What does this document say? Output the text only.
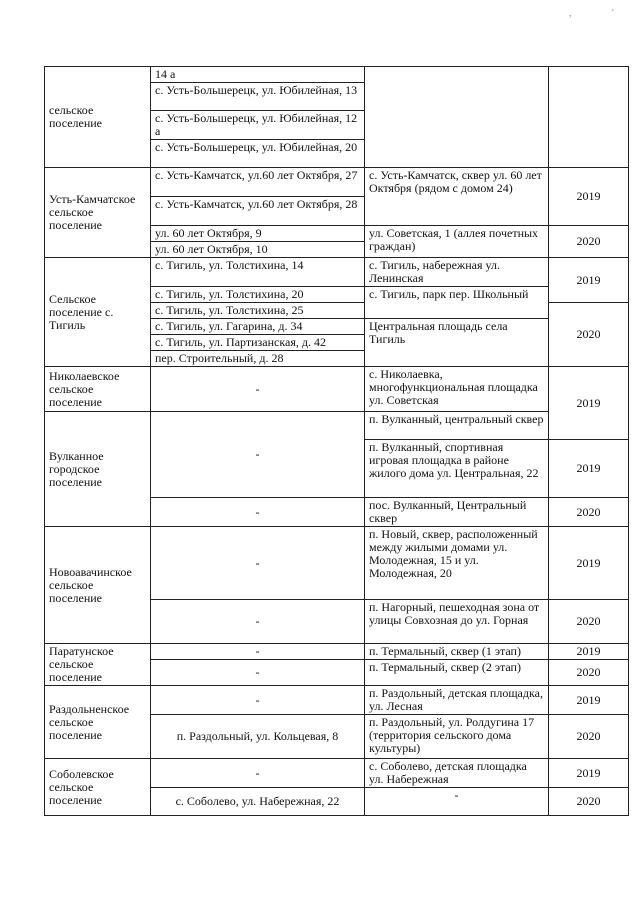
,	'
сельское поселение	14 а		
	с. Усть-Большерецк, ул. Юбилейная, 13		
	с. Усть-Большерецк, ул. Юбилейная, 12 а		
	с. Усть-Большерецк, ул. Юбилейная, 20		
Усть-Камчатское сельское поселение	с. Усть-Камчатск, ул.60 лет Октября, 27	с. Усть-Камчатск, сквер ул. 60 лет Октября (рядом с домом 24)	2019
	с. Усть-Камчатск, ул.60 лет Октября, 28		
	ул. 60 лет Октября, 9	ул. Советская, 1 (аллея почетных граждан)	2020
	ул. 60 лет Октября, 10		
Сельское поселение с. Тигиль	с. Тигиль, ул. Толстихина, 14	с. Тигиль, набережная ул. Ленинская	2019
	с. Тигиль, ул. Толстихина, 20	с. Тигиль, парк пер. Школьный	
	с. Тигиль, ул. Толстихина, 25		2020
	с. Тигиль, ул. Гагарина, д. 34	Центральная площадь села Тигиль	
	с. Тигиль, ул. Партизанская, д. 42		
	пер. Строительный, д. 28		
Николаевское сельское поселение	-	с. Николаевка, многофункциональная площадка ул. Советская	2019
Вулканное городское поселение	-	п. Вулканный, центральный сквер	
		п. Вулканный, спортивная игровая площадка в районе жилого дома ул. Центральная, 22	2019
	-	пос. Вулканный, Центральный сквер	2020
Новоавачинское сельское поселение	-	п. Новый, сквер, расположенный между жилыми домами ул. Молодежная, 15 и ул. Молодежная, 20	2019
	-	п. Нагорный, пешеходная зона от улицы Совхозная до ул. Горная	2020
Паратунское сельское поселение	-	п. Термальный, сквер (1 этап)	2019
	-	п. Термальный, сквер (2 этап)	2020
Раздольненское сельское поселение	-	п. Раздольный, детская площадка, ул. Лесная	2019
	п. Раздольный, ул. Кольцевая, 8	п. Раздольный, ул. Ролдугина 17 (территория сельского дома культуры)	2020
Соболевское сельское поселение	-	с. Соболево, детская площадка ул. Набережная	2019
	с. Соболево, ул. Набережная, 22	-	2020
